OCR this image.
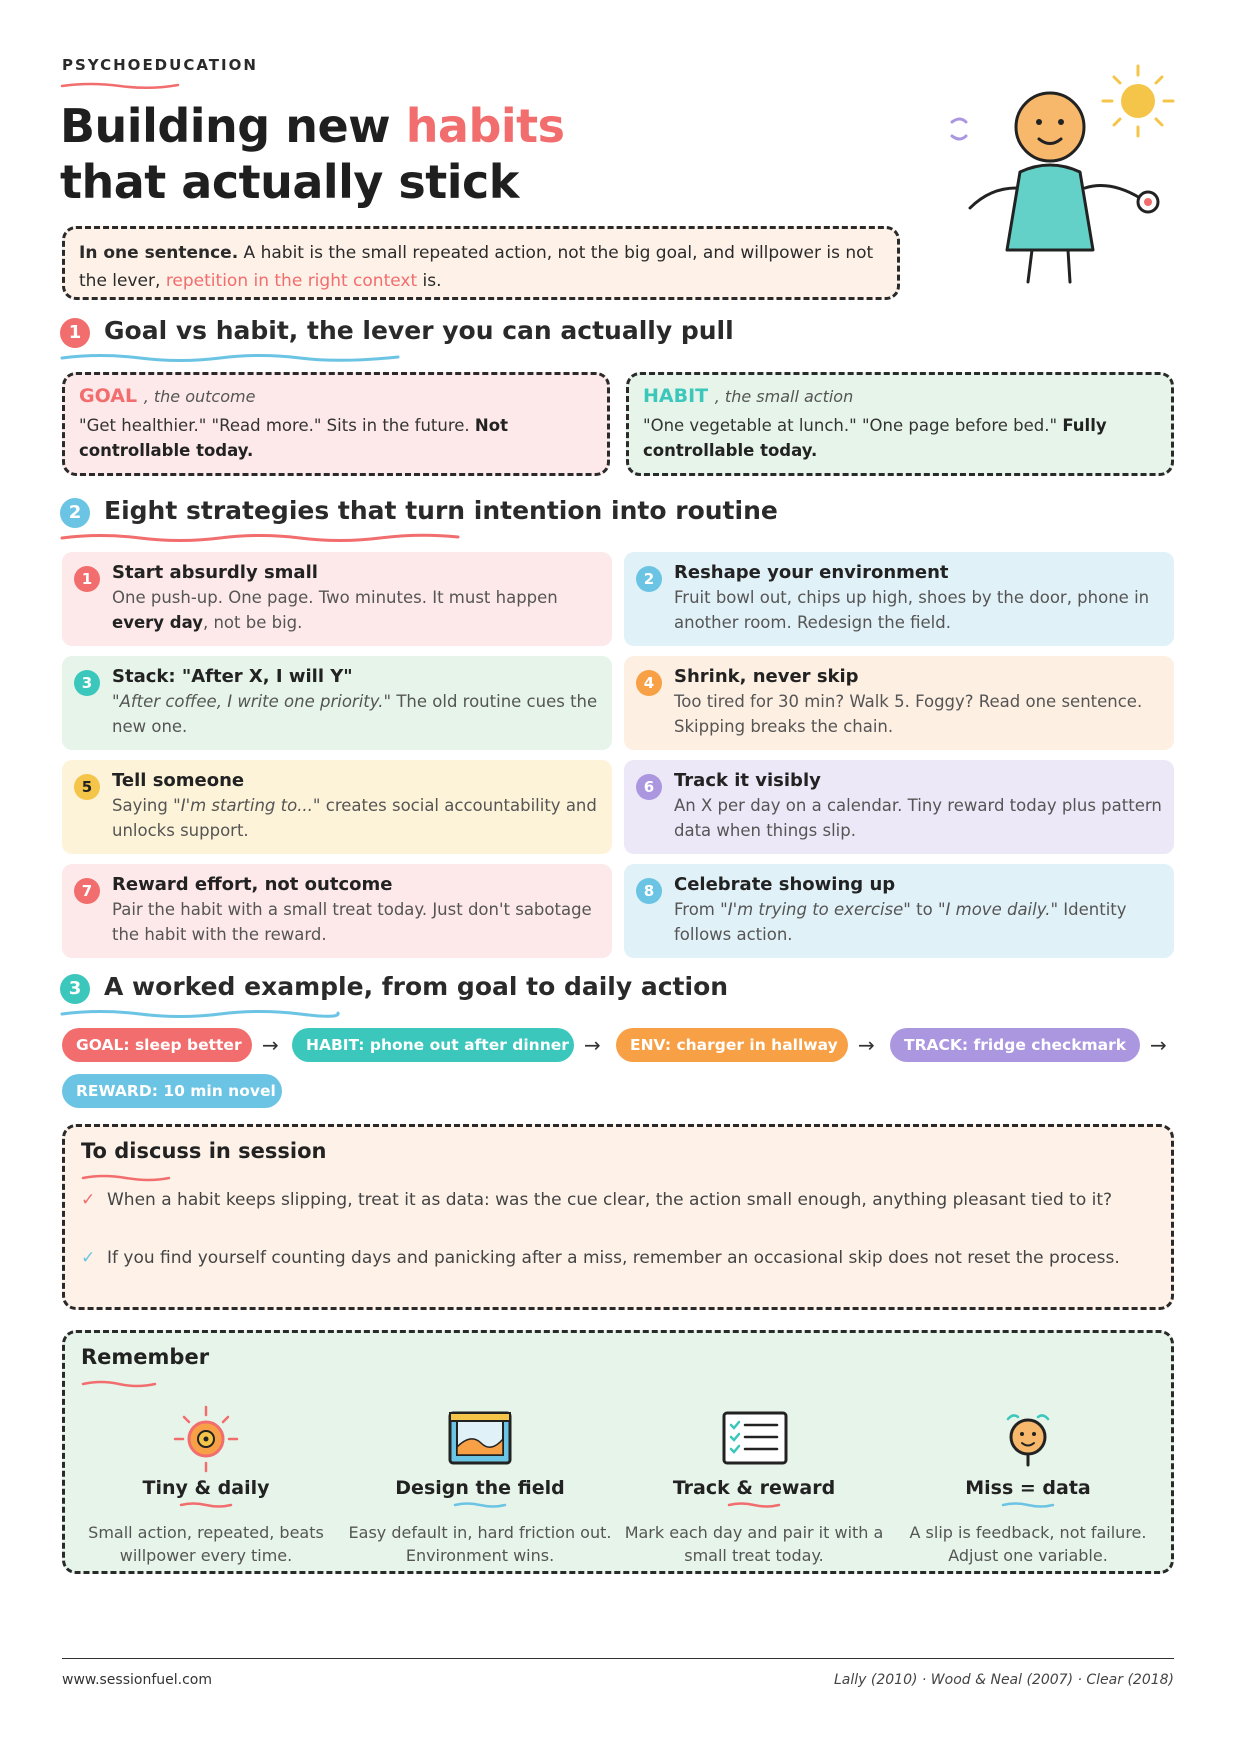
PSYCHOEDUCATION
Building new habits
that actually stick
In one sentence. A habit is the small repeated action, not the big goal, and willpower is not the lever, repetition in the right context is.
1 Goal vs habit, the lever you can actually pull
GOAL , the outcome
"Get healthier." "Read more." Sits in the future. Not controllable today.
HABIT , the small action
"One vegetable at lunch." "One page before bed." Fully controllable today.
2 Eight strategies that turn intention into routine
1	Start absurdly small
One push-up. One page. Two minutes. It must happen every day, not be big.
2	Reshape your environment
Fruit bowl out, chips up high, shoes by the door, phone in another room. Redesign the field.
3	Stack: "After X, I will Y"
"After coffee, I write one priority." The old routine cues the new one.
4	Shrink, never skip
Too tired for 30 min? Walk 5. Foggy? Read one sentence. Skipping breaks the chain.
5	Tell someone
Saying "I'm starting to..." creates social accountability and unlocks support.
6	Track it visibly
An X per day on a calendar. Tiny reward today plus pattern data when things slip.
7	Reward effort, not outcome
Pair the habit with a small treat today. Just don't sabotage the habit with the reward.
8	Celebrate showing up
From "I'm trying to exercise" to "I move daily." Identity follows action.
3 A worked example, from goal to daily action
GOAL: sleep better	→	HABIT: phone out after dinner →	ENV: charger in hallway	→	TRACK: fridge checkmark	→
REWARD: 10 min novel
To discuss in session
✓ When a habit keeps slipping, treat it as data: was the cue clear, the action small enough, anything pleasant tied to it?
✓ If you find yourself counting days and panicking after a miss, remember an occasional skip does not reset the process.
Remember
Tiny & daily
Small action, repeated, beats willpower every time.
Design the field
Easy default in, hard friction out. Environment wins.
Track & reward
Mark each day and pair it with a small treat today.
Miss = data
A slip is feedback, not failure. Adjust one variable.
www.sessionfuel.com	Lally (2010) · Wood & Neal (2007) · Clear (2018)
